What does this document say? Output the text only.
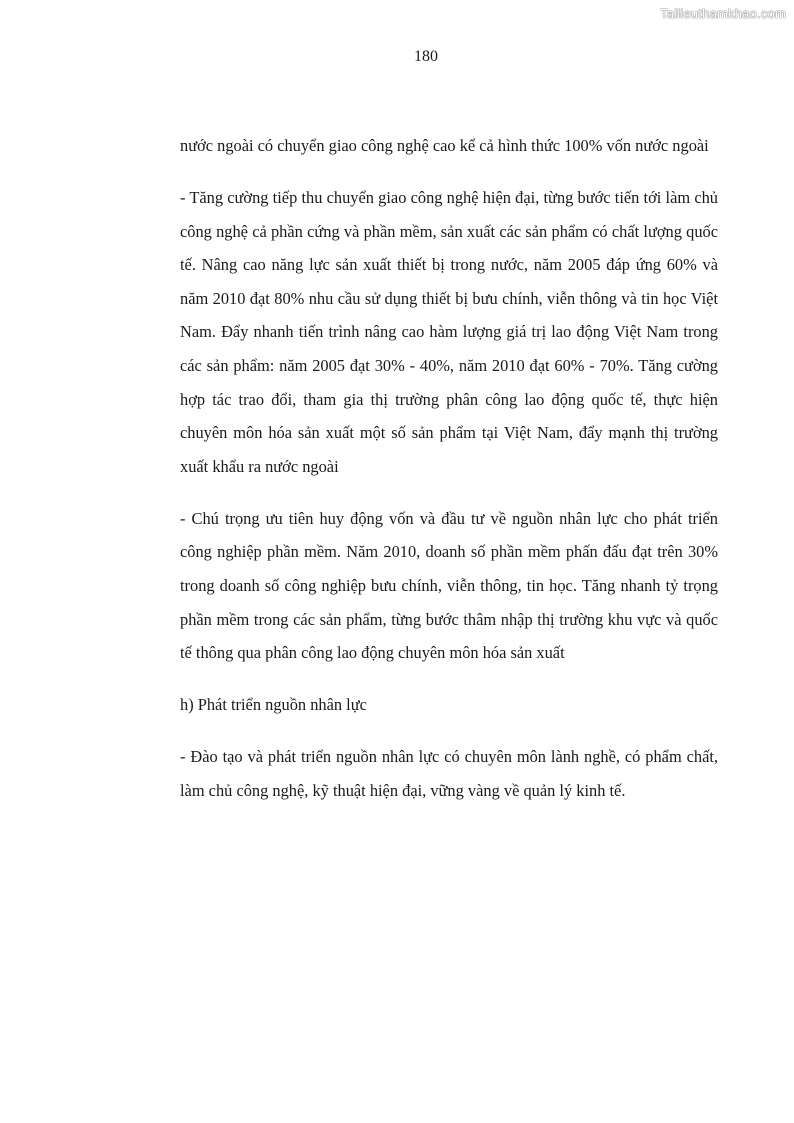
Tailieuthamkhao.com
180

nước ngoài có chuyển giao công nghệ cao kể cả hình thức 100% vốn nước ngoài

- Tăng cường tiếp thu chuyển giao công nghệ hiện đại, từng bước tiến tới làm chủ công nghệ cả phần cứng và phần mềm, sản xuất các sản phẩm có chất lượng quốc tế. Nâng cao năng lực sản xuất thiết bị trong nước, năm 2005 đáp ứng 60% và năm 2010 đạt 80% nhu cầu sử dụng thiết bị bưu chính, viễn thông và tin học Việt Nam. Đẩy nhanh tiến trình nâng cao hàm lượng giá trị lao động Việt Nam trong các sản phẩm: năm 2005 đạt 30% - 40%, năm 2010 đạt 60% - 70%. Tăng cường hợp tác trao đổi, tham gia thị trường phân công lao động quốc tế, thực hiện chuyên môn hóa sản xuất một số sản phẩm tại Việt Nam, đẩy mạnh thị trường xuất khẩu ra nước ngoài

- Chú trọng ưu tiên huy động vốn và đầu tư về nguồn nhân lực cho phát triển công nghiệp phần mềm. Năm 2010, doanh số phần mềm phấn đấu đạt trên 30% trong doanh số công nghiệp bưu chính, viễn thông, tin học. Tăng nhanh tỷ trọng phần mềm trong các sản phẩm, từng bước thâm nhập thị trường khu vực và quốc tế thông qua phân công lao động chuyên môn hóa sản xuất

h) Phát triển nguồn nhân lực

- Đào tạo và phát triển nguồn nhân lực có chuyên môn lành nghề, có phẩm chất, làm chủ công nghệ, kỹ thuật hiện đại, vững vàng về quản lý kinh tế.
